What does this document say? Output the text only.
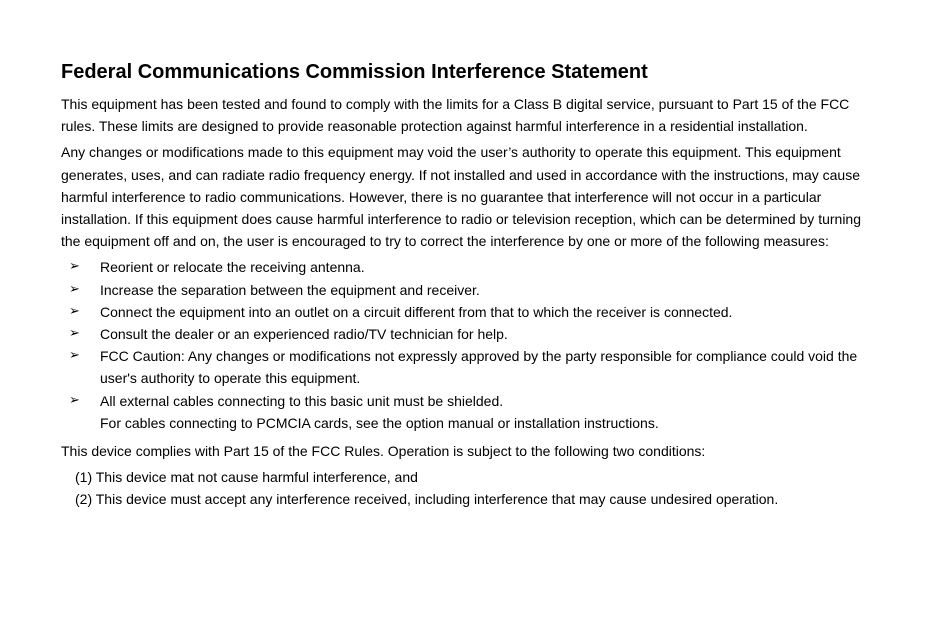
Federal Communications Commission Interference Statement

This equipment has been tested and found to comply with the limits for a Class B digital service, pursuant to Part 15 of the FCC rules. These limits are designed to provide reasonable protection against harmful interference in a residential installation.

Any changes or modifications made to this equipment may void the user’s authority to operate this equipment. This equipment generates, uses, and can radiate radio frequency energy. If not installed and used in accordance with the instructions, may cause harmful interference to radio communications. However, there is no guarantee that interference will not occur in a particular installation. If this equipment does cause harmful interference to radio or television reception, which can be determined by turning the equipment off and on, the user is encouraged to try to correct the interference by one or more of the following measures:

➢ Reorient or relocate the receiving antenna.
➢ Increase the separation between the equipment and receiver.
➢ Connect the equipment into an outlet on a circuit different from that to which the receiver is connected.
➢ Consult the dealer or an experienced radio/TV technician for help.
➢ FCC Caution: Any changes or modifications not expressly approved by the party responsible for compliance could void the user's authority to operate this equipment.
➢ All external cables connecting to this basic unit must be shielded.
For cables connecting to PCMCIA cards, see the option manual or installation instructions.

This device complies with Part 15 of the FCC Rules. Operation is subject to the following two conditions:

(1) This device mat not cause harmful interference, and
(2) This device must accept any interference received, including interference that may cause undesired operation.
